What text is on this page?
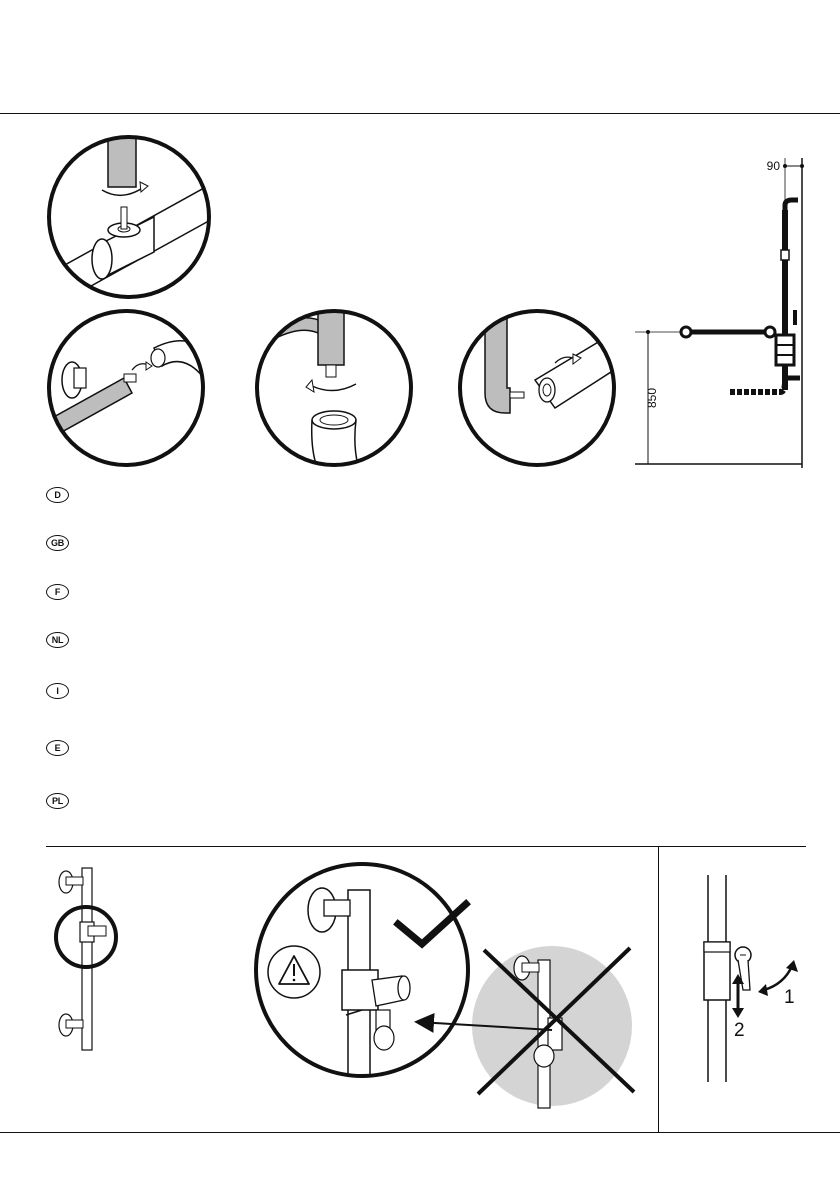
90
850
D
GB
F
NL
I
E
PL
1
2
